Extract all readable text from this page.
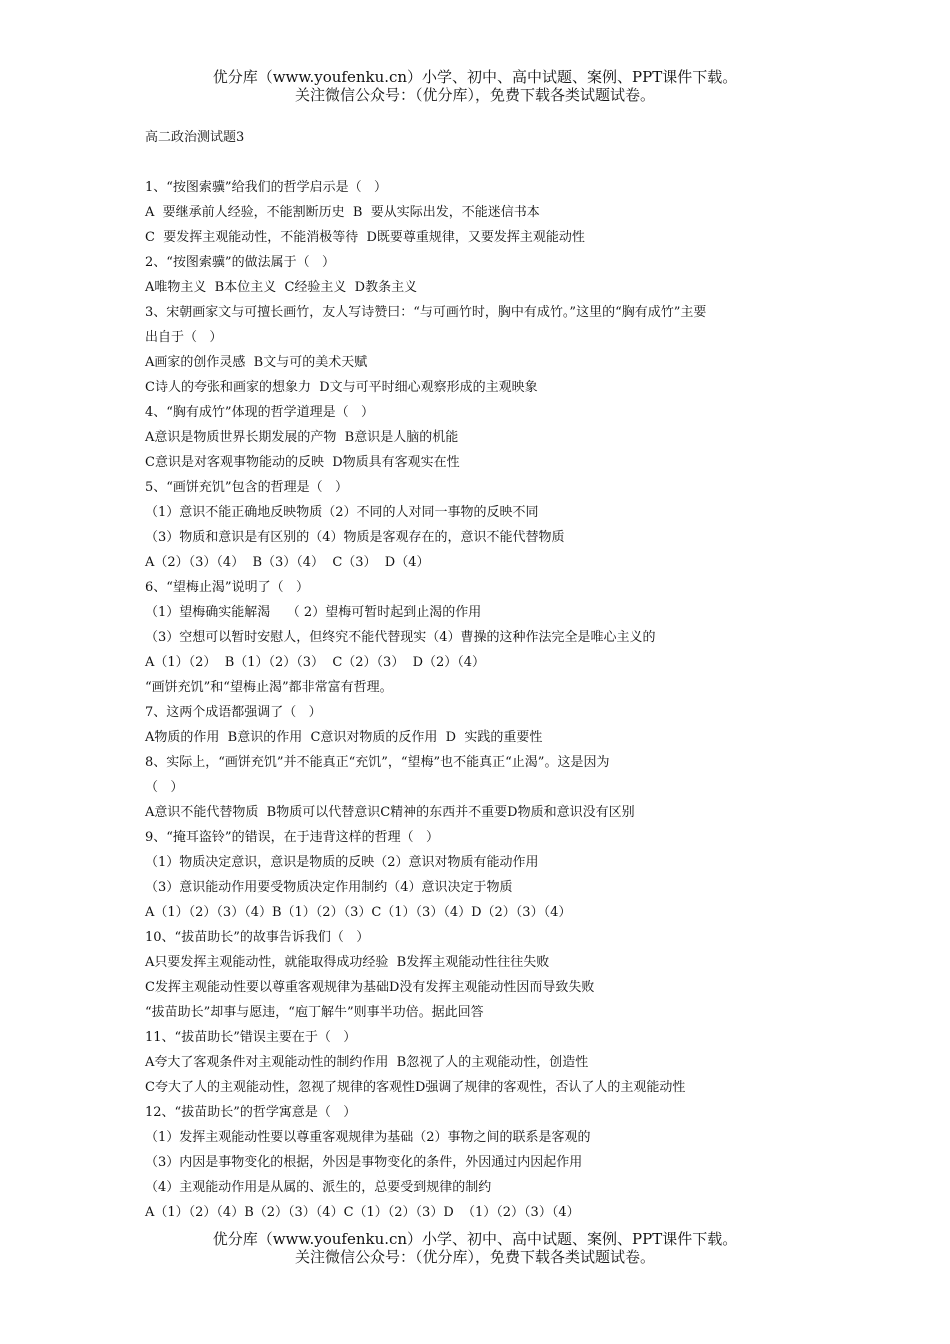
优分库（www.youfenku.cn）小学、初中、高中试题、案例、PPT课件下载。
关注微信公众号：（优分库），免费下载各类试题试卷。
高二政治测试题3
1、“按图索骥”给我们的哲学启示是（   ）
A  要继承前人经验，不能割断历史  B  要从实际出发，不能迷信书本
C  要发挥主观能动性，不能消极等待  D既要尊重规律，又要发挥主观能动性
2、“按图索骥”的做法属于（   ）
A唯物主义  B本位主义  C经验主义  D教条主义
3、宋朝画家文与可擅长画竹，友人写诗赞曰：“与可画竹时，胸中有成竹。”这里的“胸有成竹”主要
出自于（   ）
A画家的创作灵感  B文与可的美术天赋
C诗人的夸张和画家的想象力  D文与可平时细心观察形成的主观映象
4、“胸有成竹”体现的哲学道理是（   ）
A意识是物质世界长期发展的产物  B意识是人脑的机能
C意识是对客观事物能动的反映  D物质具有客观实在性
5、“画饼充饥”包含的哲理是（   ）
（1）意识不能正确地反映物质（2）不同的人对同一事物的反映不同
（3）物质和意识是有区别的（4）物质是客观存在的，意识不能代替物质
A（2）（3）（4）  B（3）（4）  C（3）  D（4）
6、“望梅止渴”说明了（   ）
（1）望梅确实能解渴    （ 2）望梅可暂时起到止渴的作用
（3）空想可以暂时安慰人，但终究不能代替现实（4）曹操的这种作法完全是唯心主义的
A（1）（2）  B（1）（2）（3）  C（2）（3）  D（2）（4）
“画饼充饥”和“望梅止渴”都非常富有哲理。
7、这两个成语都强调了（   ）
A物质的作用  B意识的作用  C意识对物质的反作用  D  实践的重要性
8、实际上，“画饼充饥”并不能真正“充饥”，“望梅”也不能真正“止渴”。这是因为
（   ）
A意识不能代替物质  B物质可以代替意识C精神的东西并不重要D物质和意识没有区别
9、“掩耳盗铃”的错误，在于违背这样的哲理（   ）
（1）物质决定意识，意识是物质的反映（2）意识对物质有能动作用
（3）意识能动作用要受物质决定作用制约（4）意识决定于物质
A（1）（2）（3）（4）B（1）（2）（3）C（1）（3）（4）D（2）（3）（4）
10、“拔苗助长”的故事告诉我们（   ）
A只要发挥主观能动性，就能取得成功经验  B发挥主观能动性往往失败
C发挥主观能动性要以尊重客观规律为基础D没有发挥主观能动性因而导致失败
“拔苗助长”却事与愿违，“庖丁解牛”则事半功倍。据此回答
11、“拔苗助长”错误主要在于（   ）
A夸大了客观条件对主观能动性的制约作用  B忽视了人的主观能动性，创造性
C夸大了人的主观能动性，忽视了规律的客观性D强调了规律的客观性，否认了人的主观能动性
12、“拔苗助长”的哲学寓意是（   ）
（1）发挥主观能动性要以尊重客观规律为基础（2）事物之间的联系是客观的
（3）内因是事物变化的根据，外因是事物变化的条件，外因通过内因起作用
（4）主观能动作用是从属的、派生的，总要受到规律的制约
A（1）（2）（4）B（2）（3）（4）C（1）（2）（3）D  （1）（2）（3）（4）
优分库（www.youfenku.cn）小学、初中、高中试题、案例、PPT课件下载。
关注微信公众号：（优分库），免费下载各类试题试卷。
